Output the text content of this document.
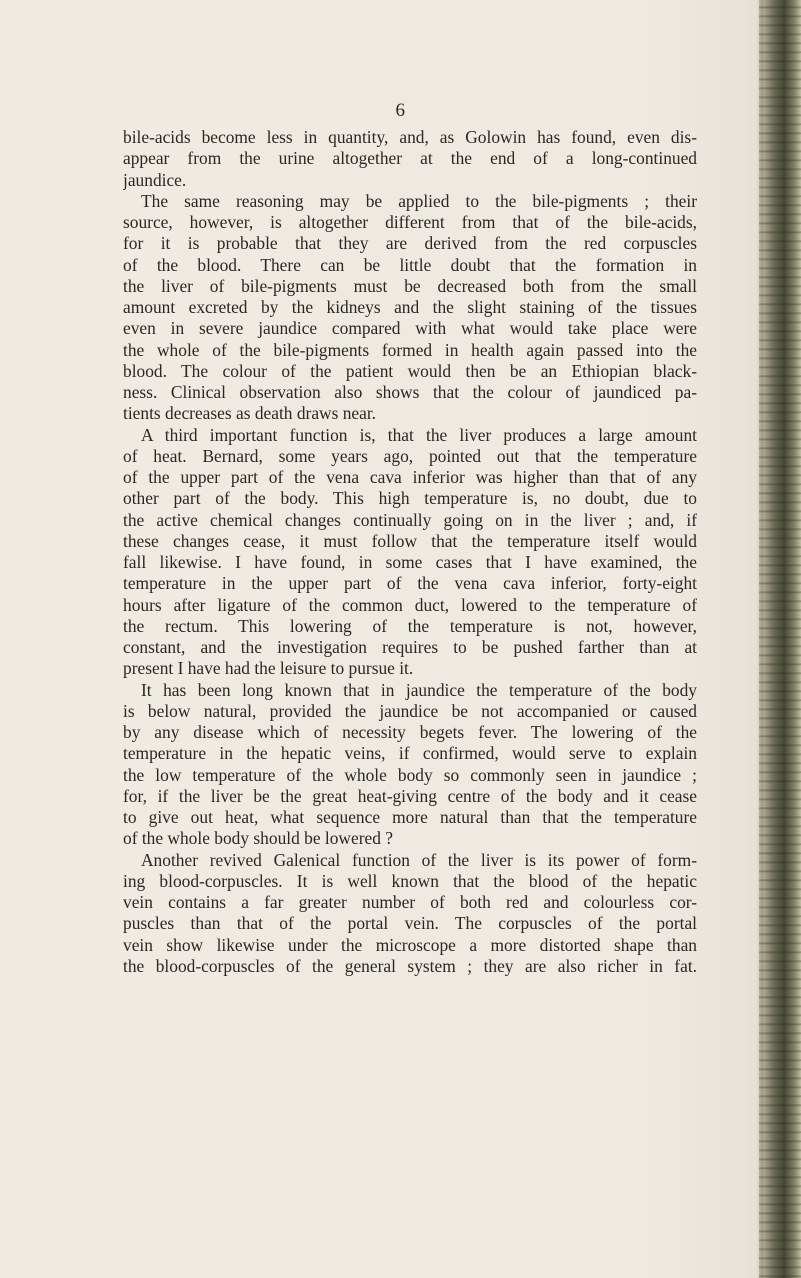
6
bile-acids become less in quantity, and, as Golowin has found, even dis-
appear from the urine altogether at the end of a long-continued
jaundice.
The same reasoning may be applied to the bile-pigments ; their
source, however, is altogether different from that of the bile-acids,
for it is probable that they are derived from the red corpuscles
of the blood. There can be little doubt that the formation in
the liver of bile-pigments must be decreased both from the small
amount excreted by the kidneys and the slight staining of the tissues
even in severe jaundice compared with what would take place were
the whole of the bile-pigments formed in health again passed into the
blood. The colour of the patient would then be an Ethiopian black-
ness. Clinical observation also shows that the colour of jaundiced pa-
tients decreases as death draws near.
A third important function is, that the liver produces a large amount
of heat. Bernard, some years ago, pointed out that the temperature
of the upper part of the vena cava inferior was higher than that of any
other part of the body. This high temperature is, no doubt, due to
the active chemical changes continually going on in the liver ; and, if
these changes cease, it must follow that the temperature itself would
fall likewise. I have found, in some cases that I have examined, the
temperature in the upper part of the vena cava inferior, forty-eight
hours after ligature of the common duct, lowered to the temperature of
the rectum. This lowering of the temperature is not, however,
constant, and the investigation requires to be pushed farther than at
present I have had the leisure to pursue it.
It has been long known that in jaundice the temperature of the body
is below natural, provided the jaundice be not accompanied or caused
by any disease which of necessity begets fever. The lowering of the
temperature in the hepatic veins, if confirmed, would serve to explain
the low temperature of the whole body so commonly seen in jaundice ;
for, if the liver be the great heat-giving centre of the body and it cease
to give out heat, what sequence more natural than that the temperature
of the whole body should be lowered ?
Another revived Galenical function of the liver is its power of form-
ing blood-corpuscles. It is well known that the blood of the hepatic
vein contains a far greater number of both red and colourless cor-
puscles than that of the portal vein. The corpuscles of the portal
vein show likewise under the microscope a more distorted shape than
the blood-corpuscles of the general system ; they are also richer in fat.
